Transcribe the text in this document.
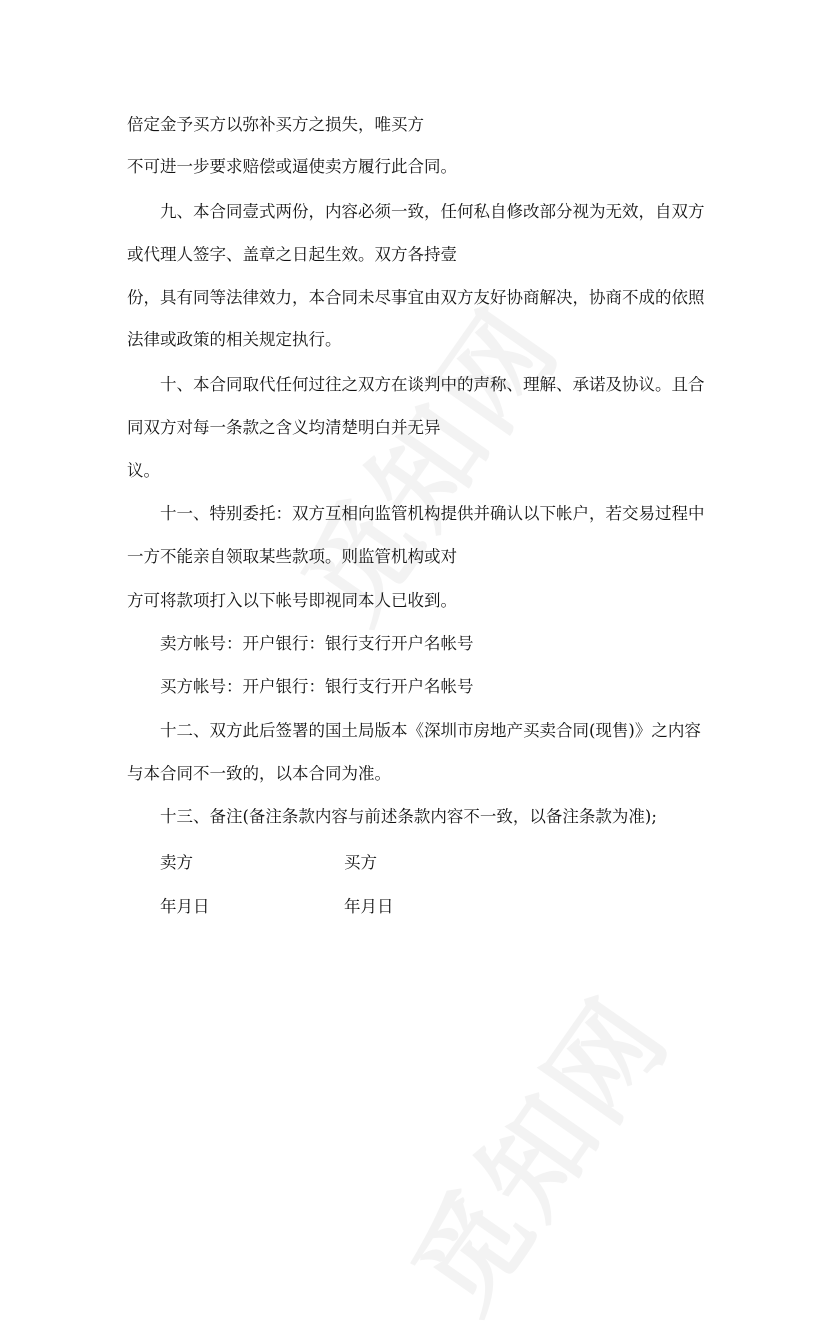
倍定金予买方以弥补买方之损失，唯买方
不可进一步要求赔偿或逼使卖方履行此合同。
九、本合同壹式两份，内容必须一致，任何私自修改部分视为无效，自双方
或代理人签字、盖章之日起生效。双方各持壹
份，具有同等法律效力，本合同未尽事宜由双方友好协商解决，协商不成的依照
法律或政策的相关规定执行。
十、本合同取代任何过往之双方在谈判中的声称、理解、承诺及协议。且合
同双方对每一条款之含义均清楚明白并无异
议。
十一、特别委托：双方互相向监管机构提供并确认以下帐户，若交易过程中
一方不能亲自领取某些款项。则监管机构或对
方可将款项打入以下帐号即视同本人已收到。
卖方帐号：开户银行：银行支行开户名帐号
买方帐号：开户银行：银行支行开户名帐号
十二、双方此后签署的国土局版本《深圳市房地产买卖合同(现售)》之内容
与本合同不一致的，以本合同为准。
十三、备注(备注条款内容与前述条款内容不一致，以备注条款为准);
卖方	买方
年月日	年月日
